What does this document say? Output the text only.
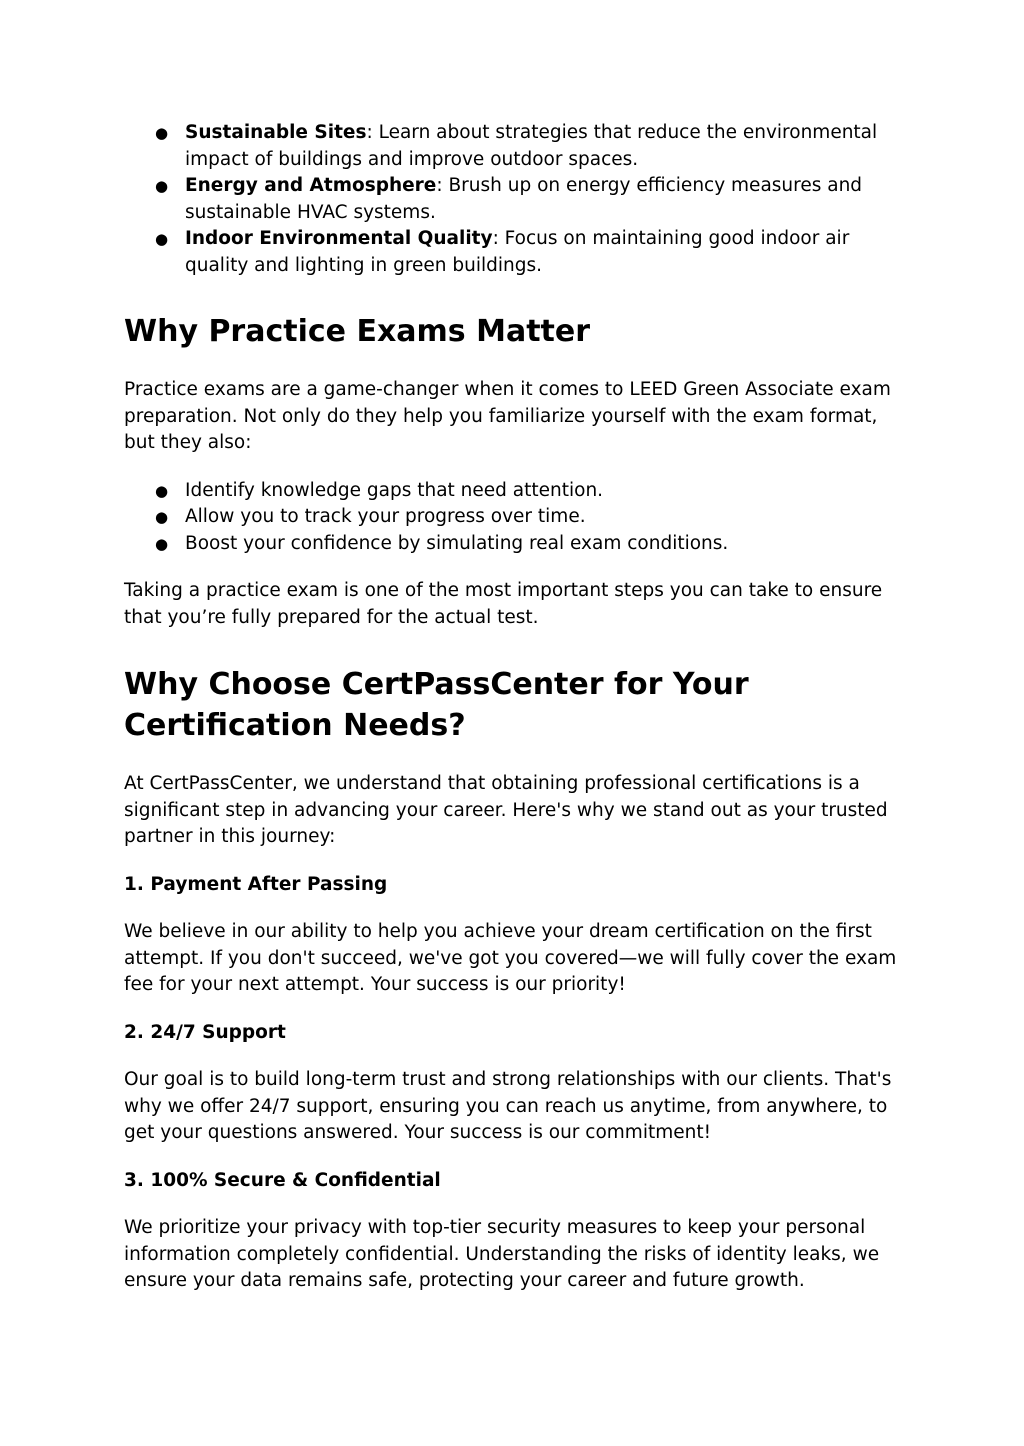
● Sustainable Sites: Learn about strategies that reduce the environmental impact of buildings and improve outdoor spaces.
● Energy and Atmosphere: Brush up on energy efficiency measures and sustainable HVAC systems.
● Indoor Environmental Quality: Focus on maintaining good indoor air quality and lighting in green buildings.
Why Practice Exams Matter

Practice exams are a game-changer when it comes to LEED Green Associate exam preparation. Not only do they help you familiarize yourself with the exam format, but they also:

● Identify knowledge gaps that need attention.
● Allow you to track your progress over time.
● Boost your confidence by simulating real exam conditions.

Taking a practice exam is one of the most important steps you can take to ensure that you’re fully prepared for the actual test.

Why Choose CertPassCenter for Your
Certification Needs?

At CertPassCenter, we understand that obtaining professional certifications is a significant step in advancing your career. Here's why we stand out as your trusted partner in this journey:

1. Payment After Passing

We believe in our ability to help you achieve your dream certification on the first attempt. If you don't succeed, we've got you covered—we will fully cover the exam fee for your next attempt. Your success is our priority!

2. 24/7 Support

Our goal is to build long-term trust and strong relationships with our clients. That's why we offer 24/7 support, ensuring you can reach us anytime, from anywhere, to get your questions answered. Your success is our commitment!

3. 100% Secure & Confidential

We prioritize your privacy with top-tier security measures to keep your personal information completely confidential. Understanding the risks of identity leaks, we ensure your data remains safe, protecting your career and future growth.
